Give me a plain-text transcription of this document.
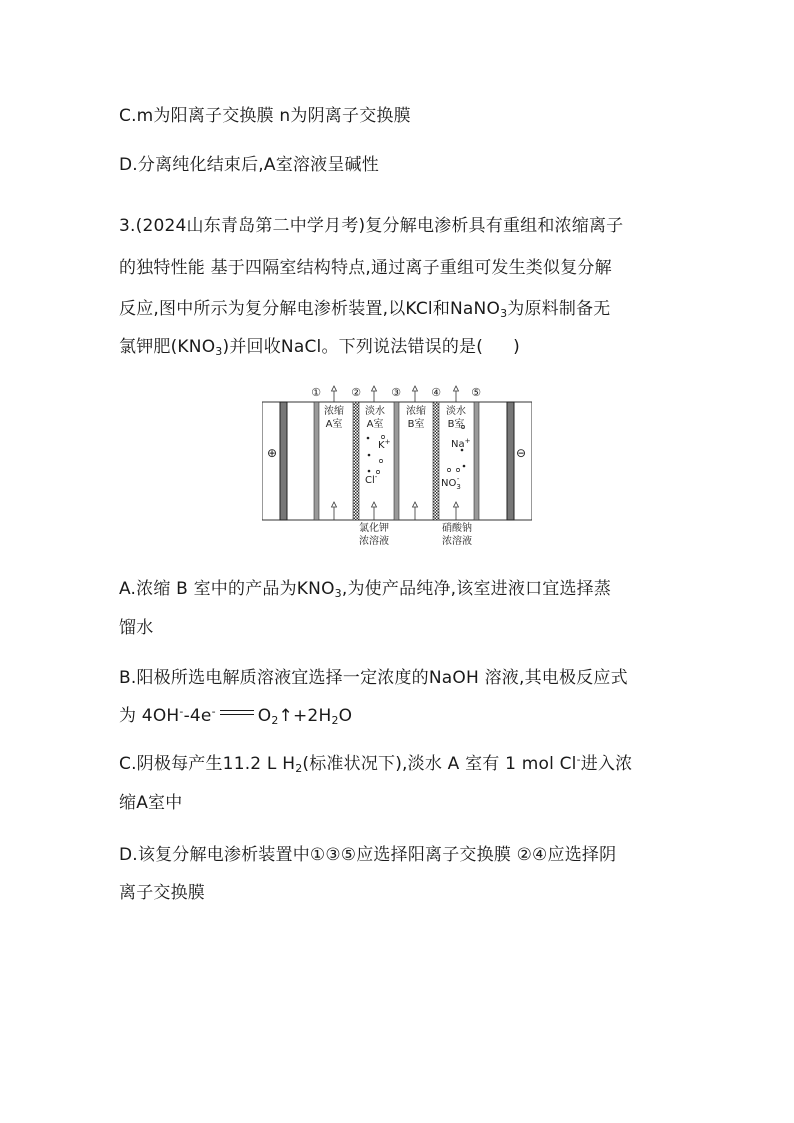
C.m为阳离子交换膜 n为阴离子交换膜
D.分离纯化结束后,A室溶液呈碱性
3.(2024山东青岛第二中学月考)复分解电渗析具有重组和浓缩离子
的独特性能 基于四隔室结构特点,通过离子重组可发生类似复分解
反应,图中所示为复分解电渗析装置,以KCl和NaNO$_3$为原料制备无
氯钾肥$(KNO_3)$并回收NaCl。下列说法错误的是( )
⊕	⊖
①	②	③	④	⑤
浓缩
A室
淡水
A室
浓缩
B室
淡水
B室
K+
Cl-
Na+
$NO_3-$
氯化钾
浓溶液
硝酸钠
浓溶液
A.浓缩 B 室中的产品为$KNO_3$,为使产品纯净,该室进液口宜选择蒸
馏水
B.阳极所选电解质溶液宜选择一定浓度的NaOH 溶液,其电极反应式
为 4OH--4e- $O_2↑+2H_2O$
C.阴极每产生11.2 L $H_2$(标准状况下),淡水 A 室有 1 mol Cl-进入浓
缩A室中
D.该复分解电渗析装置中①③⑤应选择阳离子交换膜 ②④应选择阴
离子交换膜
